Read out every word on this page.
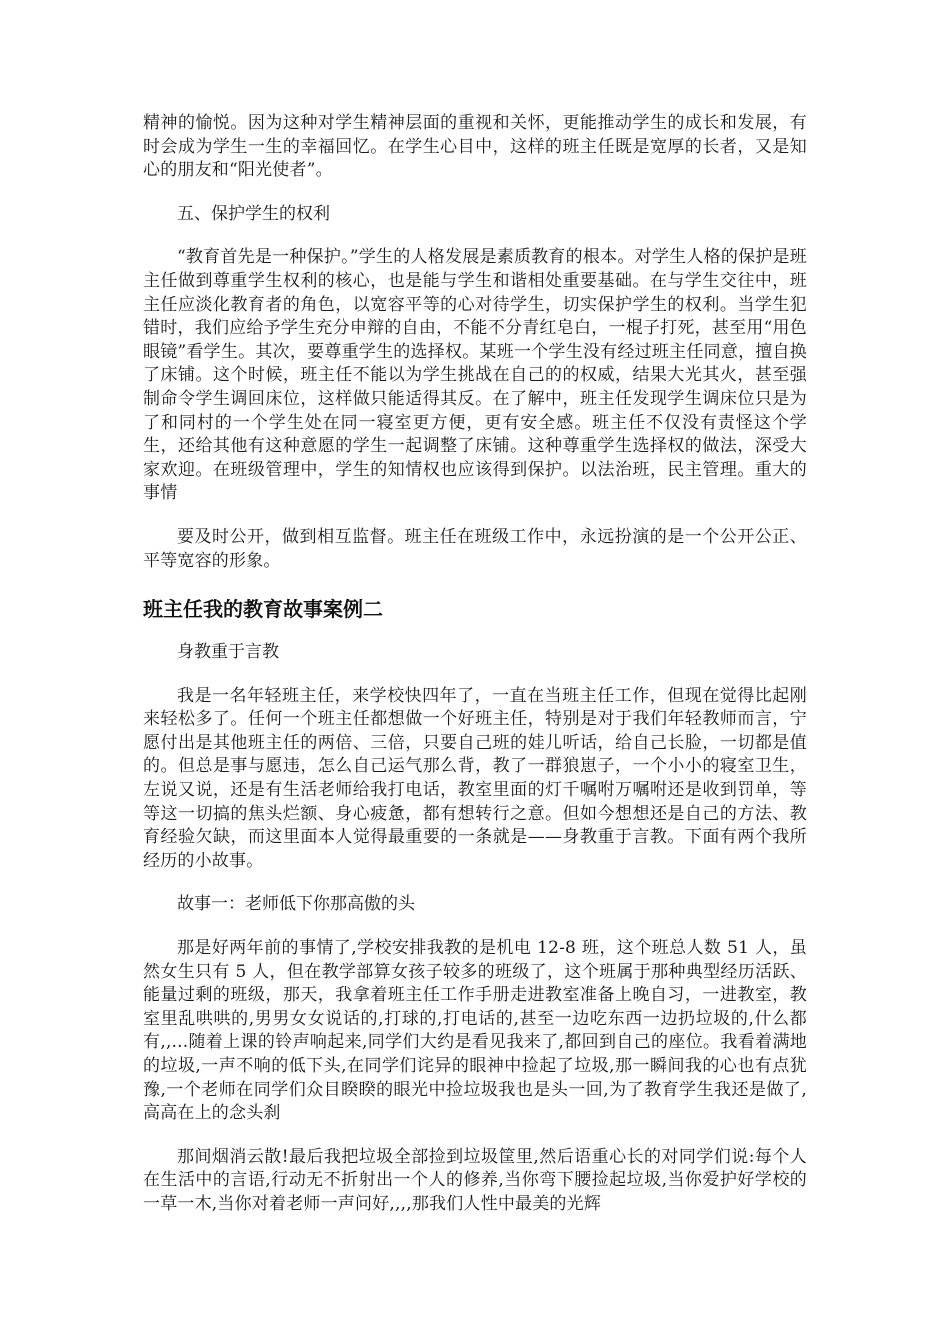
精神的愉悦。因为这种对学生精神层面的重视和关怀，更能推动学生的成长和发展，有时会成为学生一生的幸福回忆。在学生心目中，这样的班主任既是宽厚的长者，又是知心的朋友和“阳光使者”。

五、保护学生的权利

“教育首先是一种保护。”学生的人格发展是素质教育的根本。对学生人格的保护是班主任做到尊重学生权利的核心，也是能与学生和谐相处重要基础。在与学生交往中，班主任应淡化教育者的角色，以宽容平等的心对待学生，切实保护学生的权利。当学生犯错时，我们应给予学生充分申辩的自由，不能不分青红皂白，一棍子打死，甚至用“用色眼镜”看学生。其次，要尊重学生的选择权。某班一个学生没有经过班主任同意，擅自换了床铺。这个时候，班主任不能以为学生挑战在自己的的权威，结果大光其火，甚至强制命令学生调回床位，这样做只能适得其反。在了解中，班主任发现学生调床位只是为了和同村的一个学生处在同一寝室更方便，更有安全感。班主任不仅没有责怪这个学生，还给其他有这种意愿的学生一起调整了床铺。这种尊重学生选择权的做法，深受大家欢迎。在班级管理中，学生的知情权也应该得到保护。以法治班，民主管理。重大的事情

要及时公开，做到相互监督。班主任在班级工作中，永远扮演的是一个公开公正、平等宽容的形象。

班主任我的教育故事案例二

身教重于言教

我是一名年轻班主任，来学校快四年了，一直在当班主任工作，但现在觉得比起刚来轻松多了。任何一个班主任都想做一个好班主任，特别是对于我们年轻教师而言，宁愿付出是其他班主任的两倍、三倍，只要自己班的娃儿听话，给自己长脸，一切都是值的。但总是事与愿违，怎么自己运气那么背，教了一群狼崽子，一个小小的寝室卫生，左说又说，还是有生活老师给我打电话，教室里面的灯千嘱咐万嘱咐还是收到罚单，等等这一切搞的焦头烂额、身心疲惫，都有想转行之意。但如今想想还是自己的方法、教育经验欠缺，而这里面本人觉得最重要的一条就是——身教重于言教。下面有两个我所经历的小故事。

故事一：老师低下你那高傲的头

那是好两年前的事情了,学校安排我教的是机电 12-8 班，这个班总人数 51 人，虽然女生只有 5 人，但在教学部算女孩子较多的班级了，这个班属于那种典型经历活跃、能量过剩的班级，那天，我拿着班主任工作手册走进教室准备上晚自习，一进教室，教室里乱哄哄的,男男女女说话的,打球的,打电话的,甚至一边吃东西一边扔垃圾的,什么都有,,...随着上课的铃声响起来,同学们大约是看见我来了,都回到自己的座位。我看着满地的垃圾,一声不响的低下头,在同学们诧异的眼神中捡起了垃圾,那一瞬间我的心也有点犹豫,一个老师在同学们众目睽睽的眼光中捡垃圾我也是头一回,为了教育学生我还是做了,高高在上的念头刹

那间烟消云散!最后我把垃圾全部捡到垃圾筐里,然后语重心长的对同学们说:每个人在生活中的言语,行动无不折射出一个人的修养,当你弯下腰捡起垃圾,当你爱护好学校的一草一木,当你对着老师一声问好,,,,那我们人性中最美的光辉
